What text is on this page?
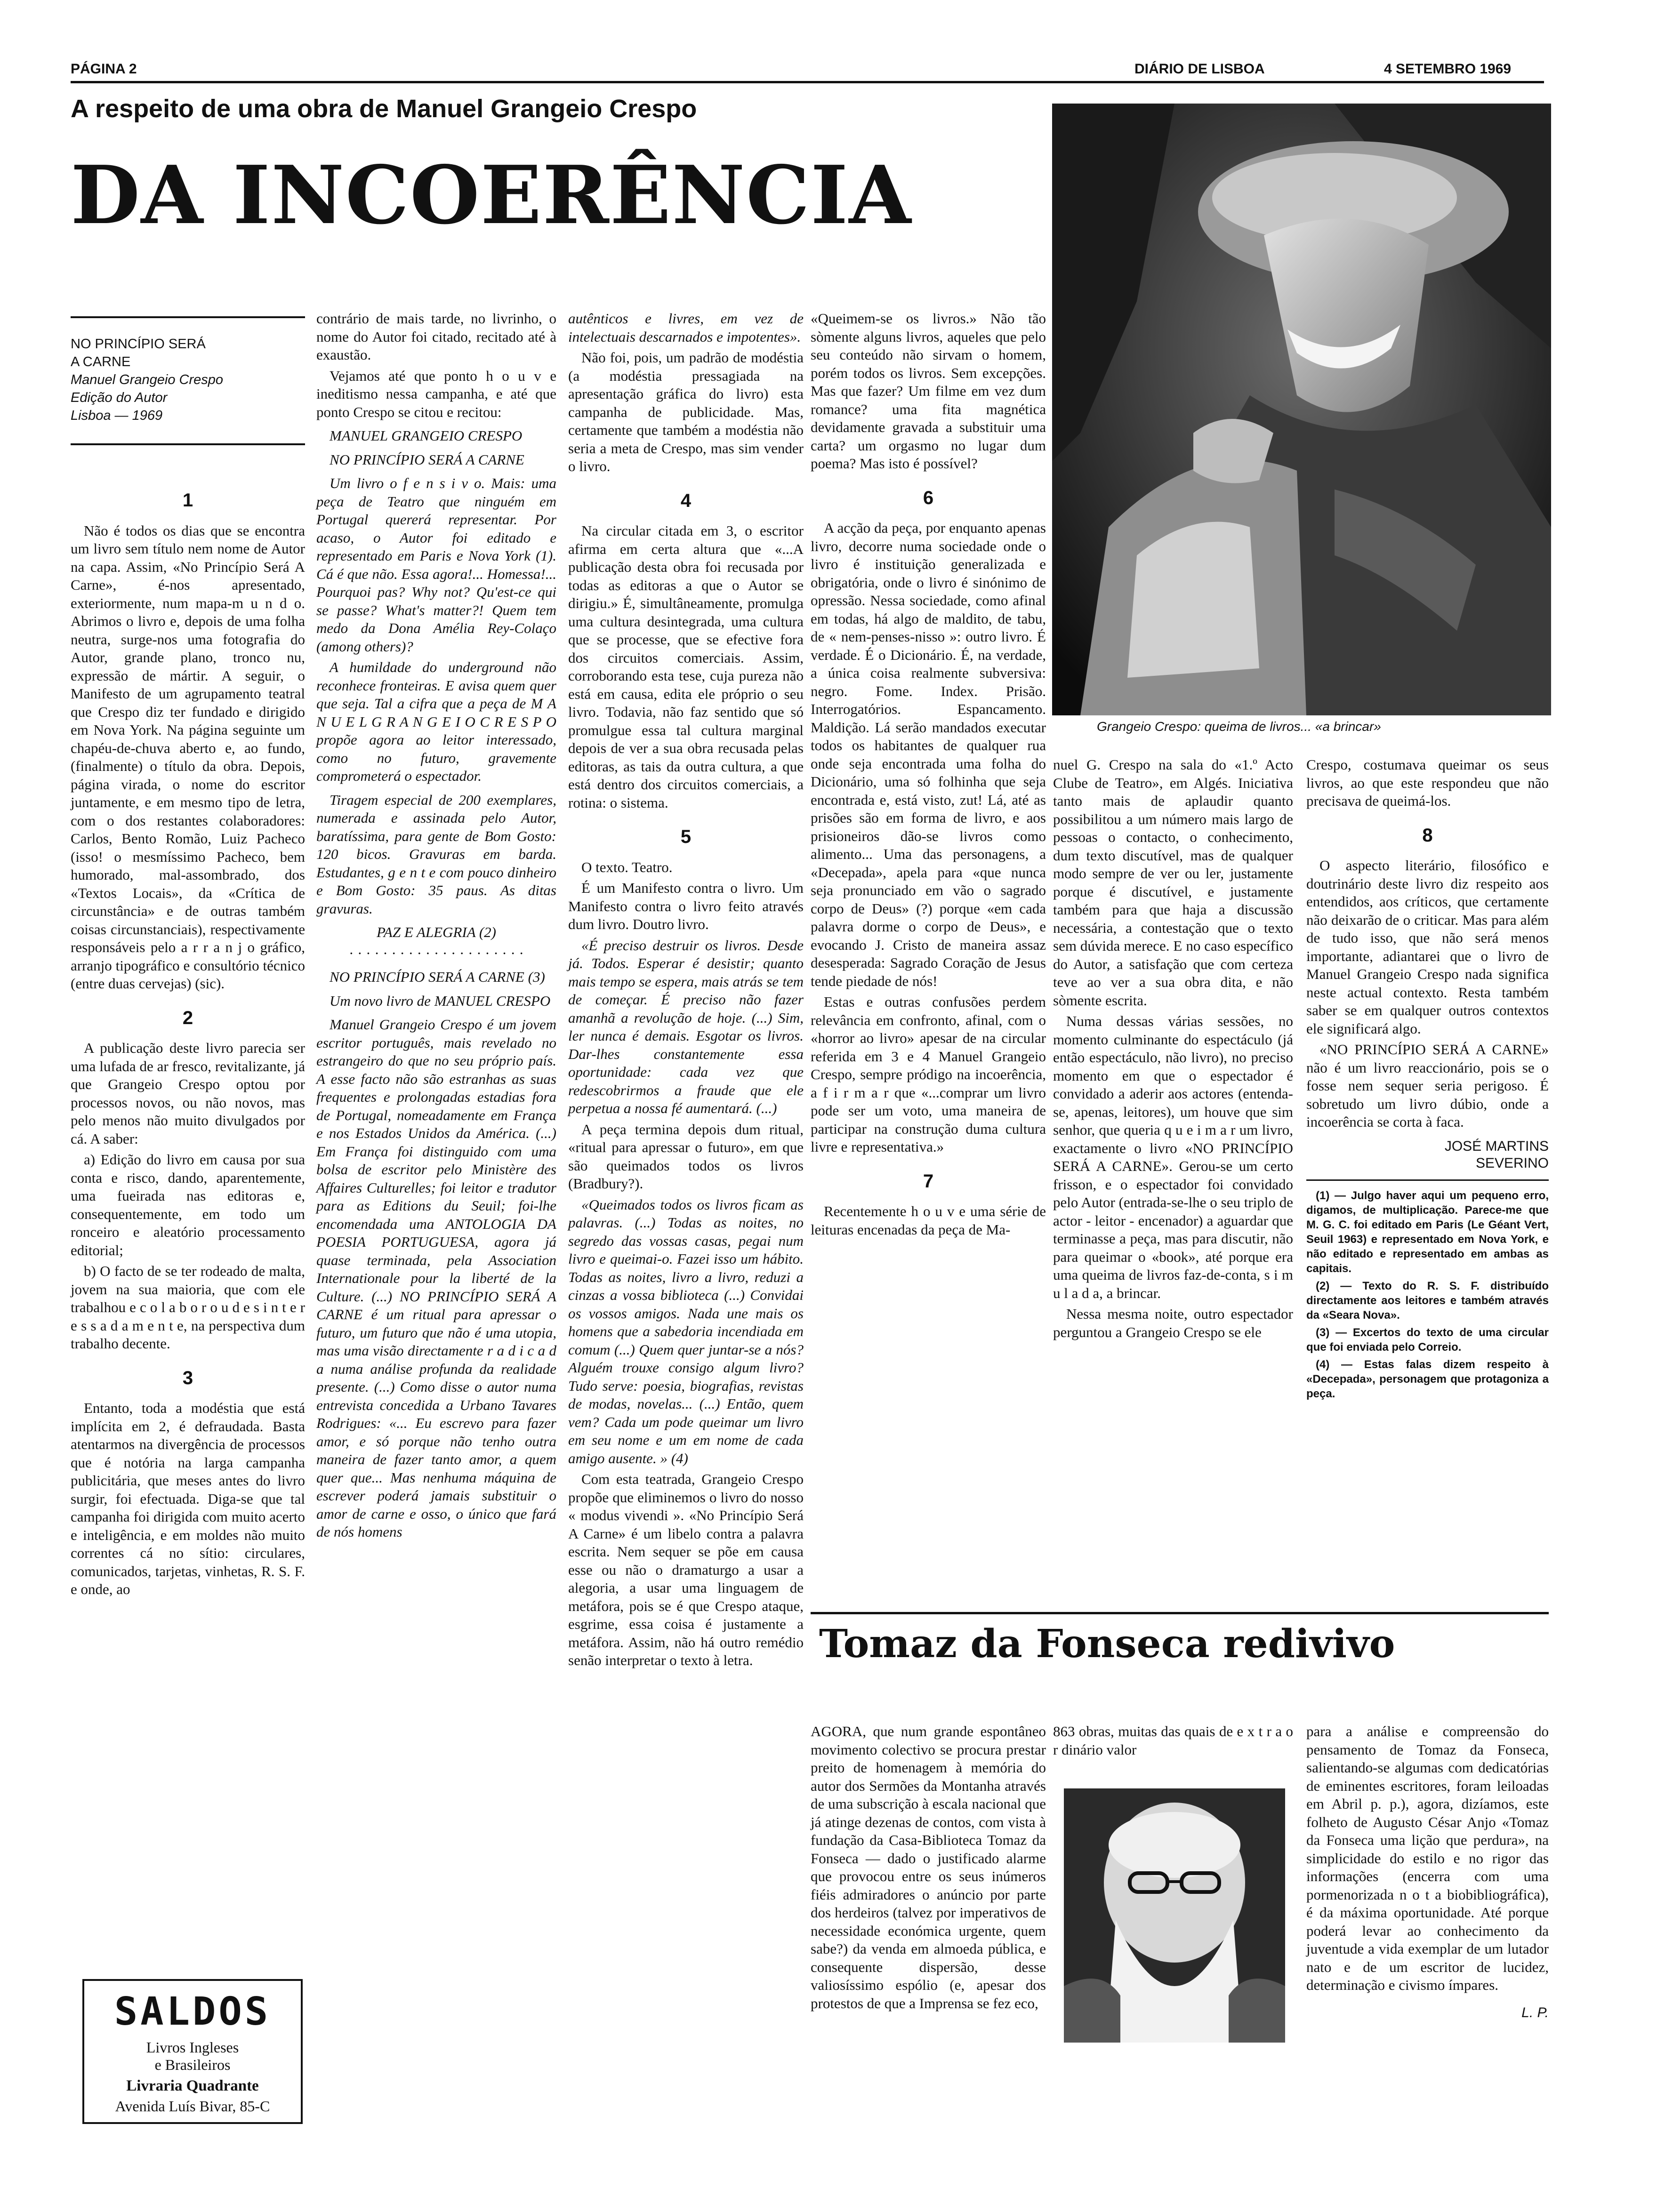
PÁGINA 2	DIÁRIO DE LISBOA	4 SETEMBRO 1969
A respeito de uma obra de Manuel Grangeio Crespo
DA INCOERÊNCIA
NO PRINCÍPIO SERÁ
A CARNE
Manuel Grangeio Crespo
Edição do Autor
Lisboa — 1969
1

Não é todos os dias que se encontra um livro sem título nem nome de Autor na capa. Assim, «No Princípio Será A Carne», é-nos apresentado, exteriormente, num mapa-m u n d o. Abrimos o livro e, depois de uma folha neutra, surge-nos uma fotografia do Autor, grande plano, tronco nu, expressão de mártir. A seguir, o Manifesto de um agrupamento teatral que Crespo diz ter fundado e dirigido em Nova York. Na página seguinte um chapéu-de-chuva aberto e, ao fundo, (finalmente) o título da obra. Depois, página virada, o nome do escritor juntamente, e em mesmo tipo de letra, com o dos restantes colaboradores: Carlos, Bento Romão, Luiz Pacheco (isso! o mesmíssimo Pacheco, bem humorado, mal-assombrado, dos «Textos Locais», da «Crítica de circunstância» e de outras também coisas circunstanciais), respectivamente responsáveis pelo a r r a n j o gráfico, arranjo tipográfico e consultório técnico (entre duas cervejas) (sic).

2

A publicação deste livro parecia ser uma lufada de ar fresco, revitalizante, já que Grangeio Crespo optou por processos novos, ou não novos, mas pelo menos não muito divulgados por cá. A saber:

a) Edição do livro em causa por sua conta e risco, dando, aparentemente, uma fueirada nas editoras e, consequentemente, em todo um ronceiro e aleatório processamento editorial;

b) O facto de se ter rodeado de malta, jovem na sua maioria, que com ele trabalhou e c o l a b o r o u d e s i n t e r e s s a d a m e n t e, na perspectiva dum trabalho decente.

3

Entanto, toda a modéstia que está implícita em 2, é defraudada. Basta atentarmos na divergência de processos que é notória na larga campanha publicitária, que meses antes do livro surgir, foi efectuada. Diga-se que tal campanha foi dirigida com muito acerto e inteligência, e em moldes não muito correntes cá no sítio: circulares, comunicados, tarjetas, vinhetas, R. S. F. e onde, ao

SALDOS
Livros Ingleses
e Brasileiros
Livraria Quadrante
Avenida Luís Bivar, 85-C

contrário de mais tarde, no livrinho, o nome do Autor foi citado, recitado até à exaustão.

Vejamos até que ponto h o u v e ineditismo nessa campanha, e até que ponto Crespo se citou e recitou:

MANUEL GRANGEIO CRESPO

NO PRINCÍPIO SERÁ A CARNE

Um livro o f e n s i v o. Mais: uma peça de Teatro que ninguém em Portugal quererá representar. Por acaso, o Autor foi editado e representado em Paris e Nova York (1). Cá é que não. Essa agora!... Homessa!... Pourquoi pas? Why not? Qu'est-ce qui se passe? What's matter?! Quem tem medo da Dona Amélia Rey-Colaço (among others)?

A humildade do underground não reconhece fronteiras. E avisa quem quer que seja. Tal a cifra que a peça de M A N U E L G R A N G E I O C R E S P O propõe agora ao leitor interessado, como no futuro, gravemente comprometerá o espectador.

Tiragem especial de 200 exemplares, numerada e assinada pelo Autor, baratíssima, para gente de Bom Gosto: 120 bicos. Gravuras em barda. Estudantes, g e n t e com pouco dinheiro e Bom Gosto: 35 paus. As ditas gravuras.

PAZ E ALEGRIA (2)

· · · · · · · · · · · · · · · · · · · · ·

NO PRINCÍPIO SERÁ A CARNE (3)

Um novo livro de MANUEL CRESPO

Manuel Grangeio Crespo é um jovem escritor português, mais revelado no estrangeiro do que no seu próprio país. A esse facto não são estranhas as suas frequentes e prolongadas estadias fora de Portugal, nomeadamente em França e nos Estados Unidos da América. (...) Em França foi distinguido com uma bolsa de escritor pelo Ministère des Affaires Culturelles; foi leitor e tradutor para as Editions du Seuil; foi-lhe encomendada uma ANTOLOGIA DA POESIA PORTUGUESA, agora já quase terminada, pela Association Internationale pour la liberté de la Culture. (...) NO PRINCÍPIO SERÁ A CARNE é um ritual para apressar o futuro, um futuro que não é uma utopia, mas uma visão directamente r a d i c a d a numa análise profunda da realidade presente. (...) Como disse o autor numa entrevista concedida a Urbano Tavares Rodrigues: «... Eu escrevo para fazer amor, e só porque não tenho outra maneira de fazer tanto amor, a quem quer que... Mas nenhuma máquina de escrever poderá jamais substituir o amor de carne e osso, o único que fará de nós homens

autênticos e livres, em vez de intelectuais descarnados e impotentes».

Não foi, pois, um padrão de modéstia (a modéstia pressagiada na apresentação gráfica do livro) esta campanha de publicidade. Mas, certamente que também a modéstia não seria a meta de Crespo, mas sim vender o livro.

4

Na circular citada em 3, o escritor afirma em certa altura que «...A publicação desta obra foi recusada por todas as editoras a que o Autor se dirigiu.» É, simultâneamente, promulga uma cultura desintegrada, uma cultura que se processe, que se efective fora dos circuitos comerciais. Assim, corroborando esta tese, cuja pureza não está em causa, edita ele próprio o seu livro. Todavia, não faz sentido que só promulgue essa tal cultura marginal depois de ver a sua obra recusada pelas editoras, as tais da outra cultura, a que está dentro dos circuitos comerciais, a rotina: o sistema.

5

O texto. Teatro.

É um Manifesto contra o livro. Um Manifesto contra o livro feito através dum livro. Doutro livro.

«É preciso destruir os livros. Desde já. Todos. Esperar é desistir; quanto mais tempo se espera, mais atrás se tem de começar. É preciso não fazer amanhã a revolução de hoje. (...) Sim, ler nunca é demais. Esgotar os livros. Dar-lhes constantemente essa oportunidade: cada vez que redescobrirmos a fraude que ele perpetua a nossa fé aumentará. (...)

A peça termina depois dum ritual, «ritual para apressar o futuro», em que são queimados todos os livros (Bradbury?).

«Queimados todos os livros ficam as palavras. (...) Todas as noites, no segredo das vossas casas, pegai num livro e queimai-o. Fazei isso um hábito. Todas as noites, livro a livro, reduzi a cinzas a vossa biblioteca (...) Convidai os vossos amigos. Nada une mais os homens que a sabedoria incendiada em comum (...) Quem quer juntar-se a nós? Alguém trouxe consigo algum livro? Tudo serve: poesia, biografias, revistas de modas, novelas... (...) Então, quem vem? Cada um pode queimar um livro em seu nome e um em nome de cada amigo ausente. » (4)

Com esta teatrada, Grangeio Crespo propõe que eliminemos o livro do nosso « modus vivendi ». «No Princípio Será A Carne» é um libelo contra a palavra escrita. Nem sequer se põe em causa esse ou não o dramaturgo a usar a alegoria, a usar uma linguagem de metáfora, pois se é que Crespo ataque, esgrime, essa coisa é justamente a metáfora. Assim, não há outro remédio senão interpretar o texto à letra.

«Queimem-se os livros.» Não tão sòmente alguns livros, aqueles que pelo seu conteúdo não sirvam o homem, porém todos os livros. Sem excepções. Mas que fazer? Um filme em vez dum romance? uma fita magnética devidamente gravada a substituir uma carta? um orgasmo no lugar dum poema? Mas isto é possível?

6

A acção da peça, por enquanto apenas livro, decorre numa sociedade onde o livro é instituição generalizada e obrigatória, onde o livro é sinónimo de opressão. Nessa sociedade, como afinal em todas, há algo de maldito, de tabu, de « nem-penses-nisso »: outro livro. É verdade. É o Dicionário. É, na verdade, a única coisa realmente subversiva: negro. Fome. Index. Prisão. Interrogatórios. Espancamento. Maldição. Lá serão mandados executar todos os habitantes de qualquer rua onde seja encontrada uma folha do Dicionário, uma só folhinha que seja encontrada e, está visto, zut! Lá, até as prisões são em forma de livro, e aos prisioneiros dão-se livros como alimento... Uma das personagens, a «Decepada», apela para «que nunca seja pronunciado em vão o sagrado corpo de Deus» (?) porque «em cada palavra dorme o corpo de Deus», e evocando J. Cristo de maneira assaz desesperada: Sagrado Coração de Jesus tende piedade de nós!

Estas e outras confusões perdem relevância em confronto, afinal, com o «horror ao livro» apesar de na circular referida em 3 e 4 Manuel Grangeio Crespo, sempre pródigo na incoerência, a f i r m a r que «...comprar um livro pode ser um voto, uma maneira de participar na construção duma cultura livre e representativa.»

7

Recentemente h o u v e uma série de leituras encenadas da peça de Ma-

Grangeio Crespo: queima de livros... «a brincar»

nuel G. Crespo na sala do «1.º Acto Clube de Teatro», em Algés. Iniciativa tanto mais de aplaudir quanto possibilitou a um número mais largo de pessoas o contacto, o conhecimento, dum texto discutível, mas de qualquer modo sempre de ver ou ler, justamente porque é discutível, e justamente também para que haja a discussão necessária, a contestação que o texto sem dúvida merece. E no caso específico do Autor, a satisfação que com certeza teve ao ver a sua obra dita, e não sòmente escrita.

Numa dessas várias sessões, no momento culminante do espectáculo (já então espectáculo, não livro), no preciso momento em que o espectador é convidado a aderir aos actores (entenda-se, apenas, leitores), um houve que sim senhor, que queria q u e i m a r um livro, exactamente o livro «NO PRINCÍPIO SERÁ A CARNE». Gerou-se um certo frisson, e o espectador foi convidado pelo Autor (entrada-se-lhe o seu triplo de actor - leitor - encenador) a aguardar que terminasse a peça, mas para discutir, não para queimar o «book», até porque era uma queima de livros faz-de-conta, s i m u l a d a, a brincar.

Nessa mesma noite, outro espectador perguntou a Grangeio Crespo se ele

Crespo, costumava queimar os seus livros, ao que este respondeu que não precisava de queimá-los.

8

O aspecto literário, filosófico e doutrinário deste livro diz respeito aos entendidos, aos críticos, que certamente não deixarão de o criticar. Mas para além de tudo isso, que não será menos importante, adiantarei que o livro de Manuel Grangeio Crespo nada significa neste actual contexto. Resta também saber se em qualquer outros contextos ele significará algo.

«NO PRINCÍPIO SERÁ A CARNE» não é um livro reaccionário, pois se o fosse nem sequer seria perigoso. É sobretudo um livro dúbio, onde a incoerência se corta à faca.

JOSÉ MARTINS
SEVERINO

(1) — Julgo haver aqui um pequeno erro, digamos, de multiplicação. Parece-me que M. G. C. foi editado em Paris (Le Géant Vert, Seuil 1963) e representado em Nova York, e não editado e representado em ambas as capitais.

(2) — Texto do R. S. F. distribuído directamente aos leitores e também através da «Seara Nova».

(3) — Excertos do texto de uma circular que foi enviada pelo Correio.

(4) — Estas falas dizem respeito à «Decepada», personagem que protagoniza a peça.

Tomaz da Fonseca redivivo

AGORA, que num grande espontâneo movimento colectivo se procura prestar preito de homenagem à memória do autor dos Sermões da Montanha através de uma subscrição à escala nacional que já atinge dezenas de contos, com vista à fundação da Casa-Biblioteca Tomaz da Fonseca — dado o justificado alarme que provocou entre os seus inúmeros fiéis admiradores o anúncio por parte dos herdeiros (talvez por imperativos de necessidade económica urgente, quem sabe?) da venda em almoeda pública, e consequente dispersão, desse valiosíssimo espólio (e, apesar dos protestos de que a Imprensa se fez eco,

863 obras, muitas das quais de e x t r a o r dinário valor

para a análise e compreensão do pensamento de Tomaz da Fonseca, salientando-se algumas com dedicatórias de eminentes escritores, foram leiloadas em Abril p. p.), agora, dizíamos, este folheto de Augusto César Anjo «Tomaz da Fonseca uma lição que perdura», na simplicidade do estilo e no rigor das informações (encerra com uma pormenorizada n o t a biobibliográfica), é da máxima oportunidade. Até porque poderá levar ao conhecimento da juventude a vida exemplar de um lutador nato e de um escritor de lucidez, determinação e civismo ímpares.

L. P.
